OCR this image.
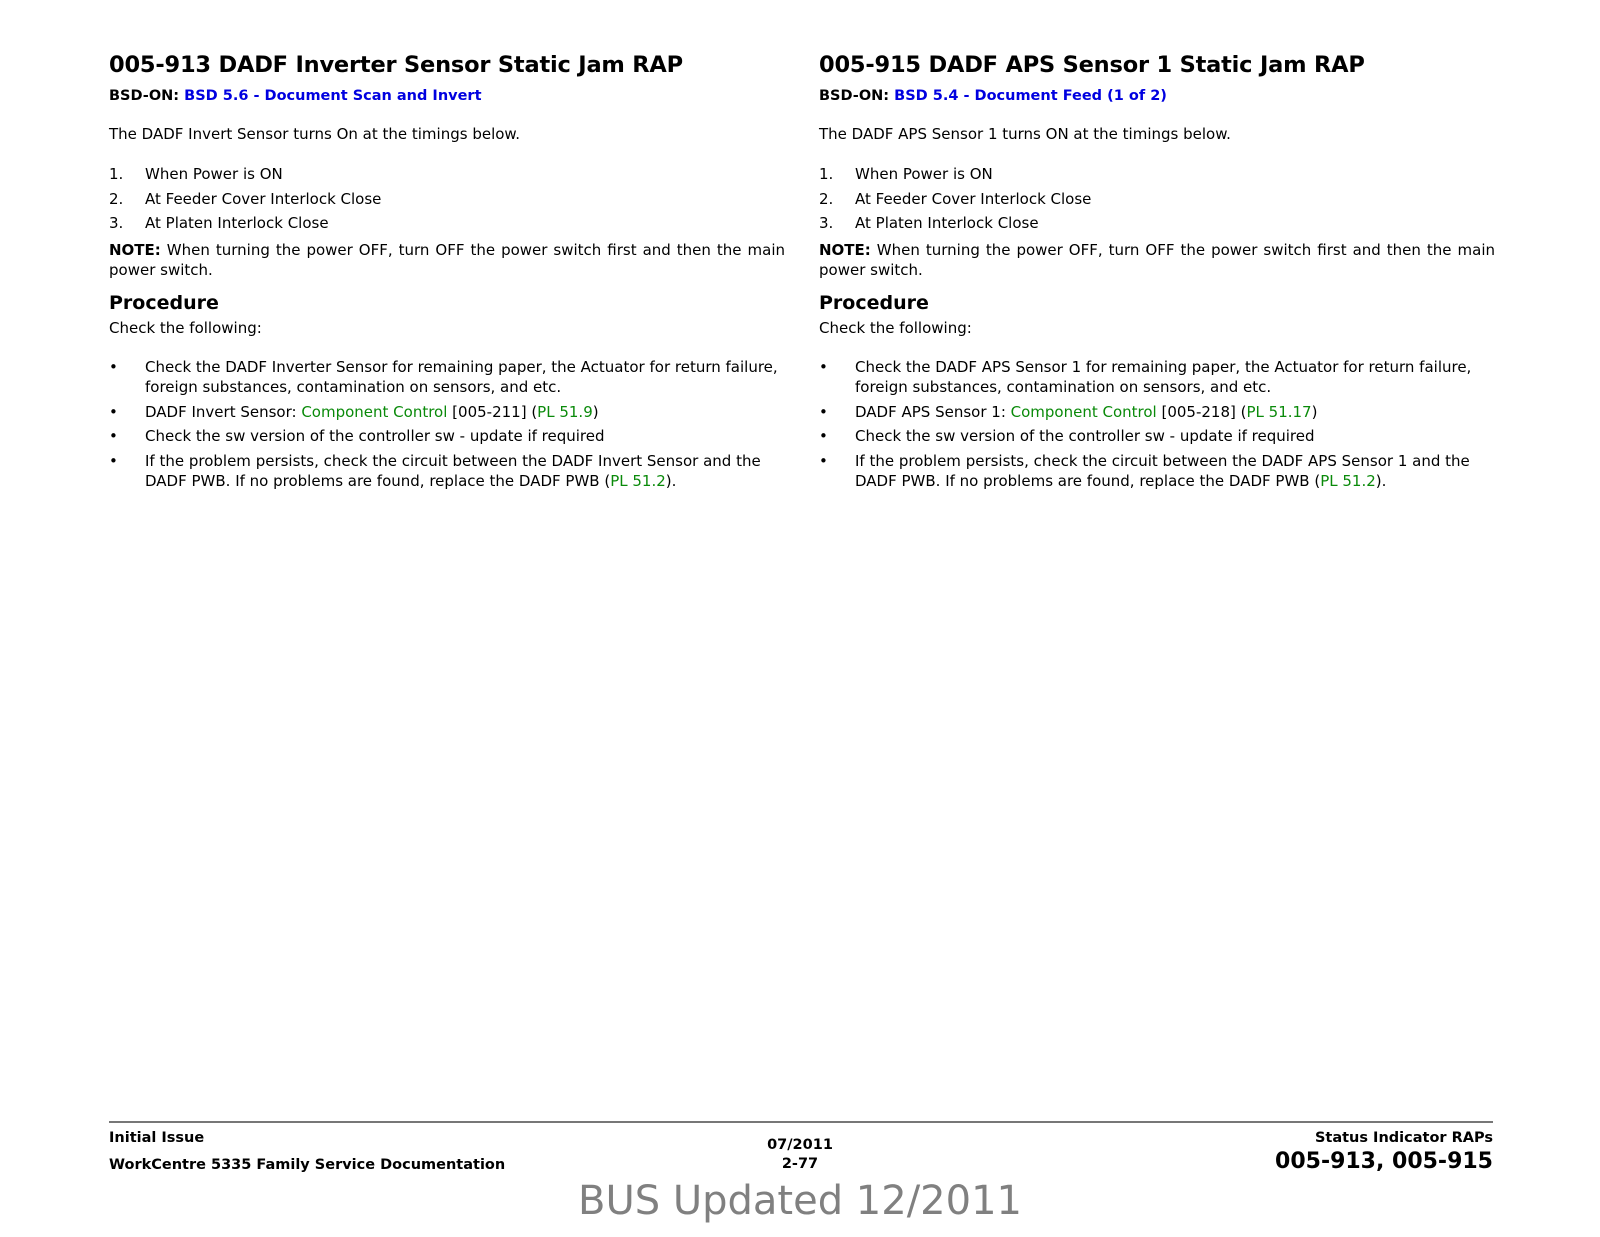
005-913 DADF Inverter Sensor Static Jam RAP
BSD-ON: BSD 5.6 - Document Scan and Invert

The DADF Invert Sensor turns On at the timings below.

1. When Power is ON
2. At Feeder Cover Interlock Close
3. At Platen Interlock Close
NOTE: When turning the power OFF, turn OFF the power switch first and then the main power switch.
Procedure

Check the following:

• Check the DADF Inverter Sensor for remaining paper, the Actuator for return failure, foreign substances, contamination on sensors, and etc.
• DADF Invert Sensor: Component Control [005-211] (PL 51.9)
• Check the sw version of the controller sw - update if required
• If the problem persists, check the circuit between the DADF Invert Sensor and the DADF PWB. If no problems are found, replace the DADF PWB (PL 51.2).
005-915 DADF APS Sensor 1 Static Jam RAP
BSD-ON: BSD 5.4 - Document Feed (1 of 2)

The DADF APS Sensor 1 turns ON at the timings below.

1. When Power is ON
2. At Feeder Cover Interlock Close
3. At Platen Interlock Close
NOTE: When turning the power OFF, turn OFF the power switch first and then the main power switch.
Procedure

Check the following:

• Check the DADF APS Sensor 1 for remaining paper, the Actuator for return failure, foreign substances, contamination on sensors, and etc.
• DADF APS Sensor 1: Component Control [005-218] (PL 51.17)
• Check the sw version of the controller sw - update if required
• If the problem persists, check the circuit between the DADF APS Sensor 1 and the DADF PWB. If no problems are found, replace the DADF PWB (PL 51.2).
Initial Issue
WorkCentre 5335 Family Service Documentation
07/2011
2-77
Status Indicator RAPs
005-913, 005-915
BUS Updated 12/2011
